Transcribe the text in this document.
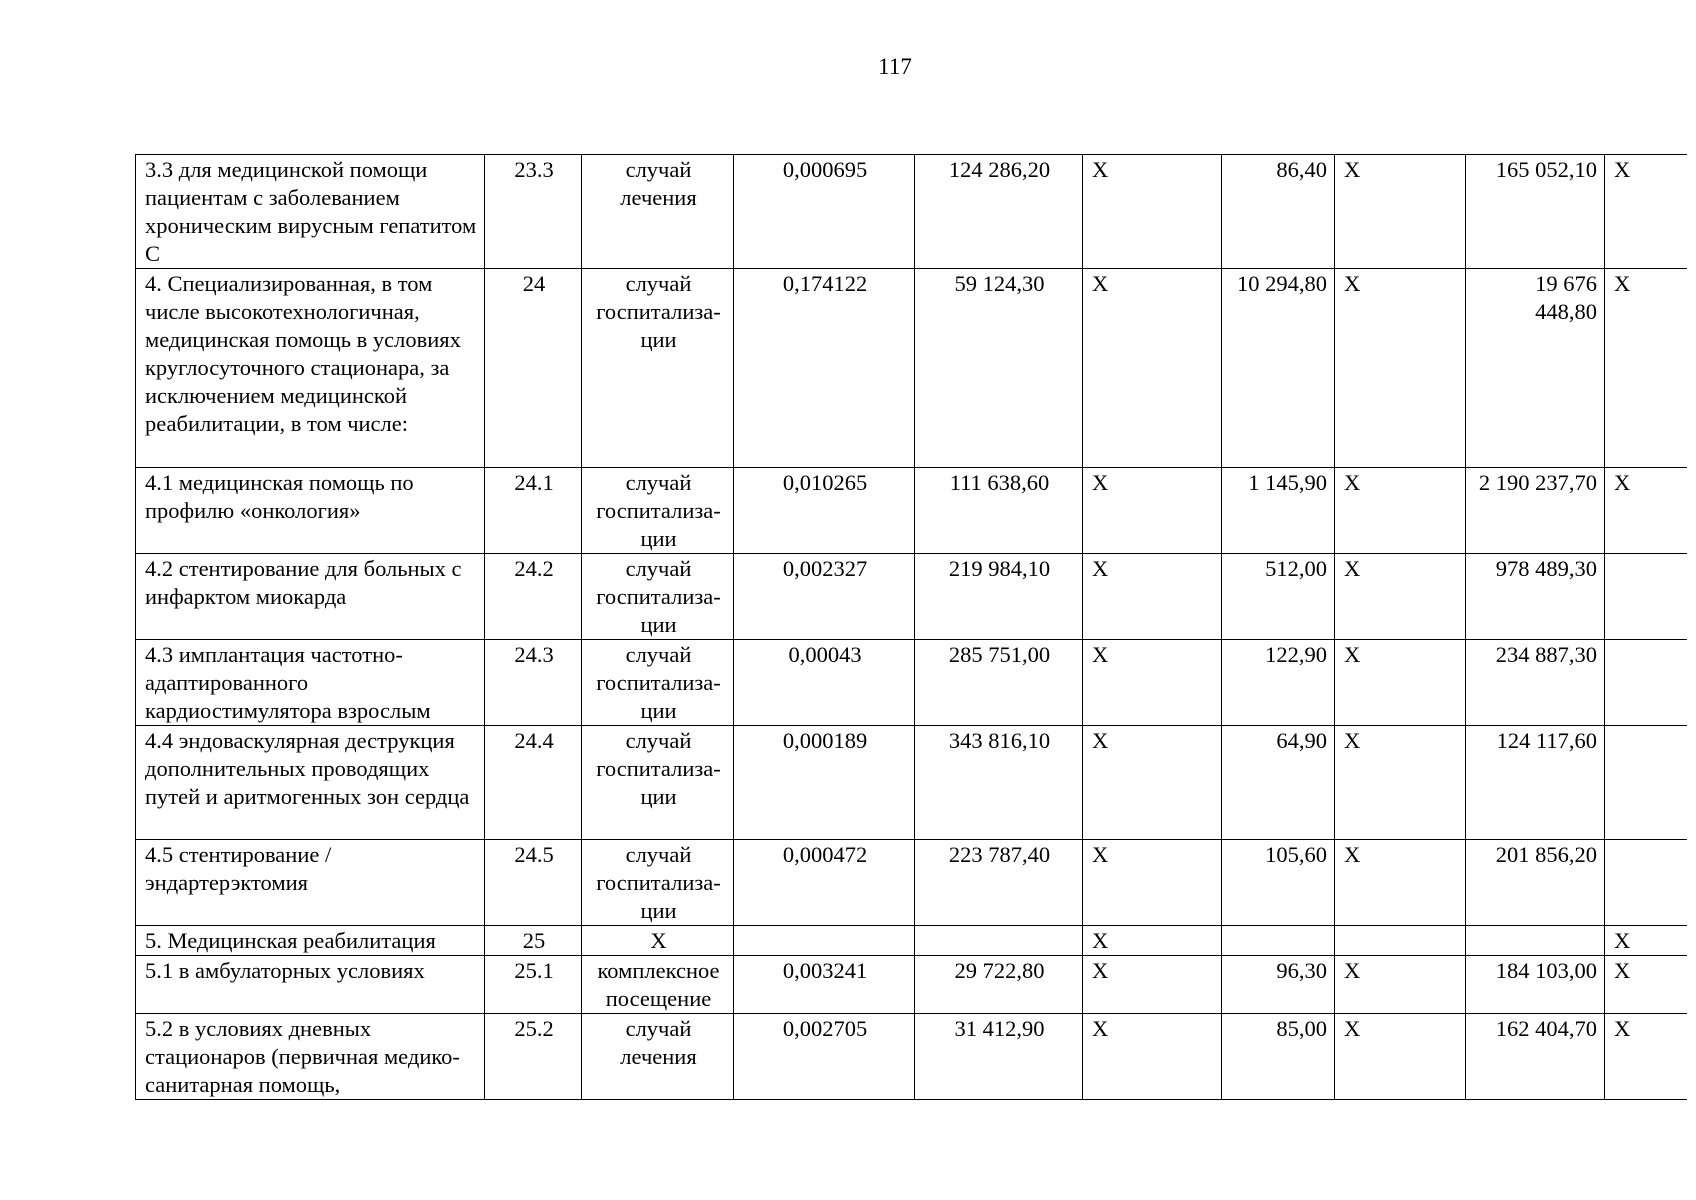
117
3.3 для медицинской помощи пациентам с заболеванием хроническим вирусным гепатитом С	23.3	случай лечения	0,000695	124 286,20	X	86,40	X	165 052,10	X
4. Специализированная, в том числе высокотехнологичная, медицинская помощь в условиях круглосуточного стационара, за исключением медицинской реабилитации, в том числе:	24	случай госпитализа-ции	0,174122	59 124,30	X	10 294,80	X	19 676 448,80	X
4.1 медицинская помощь по профилю «онкология»	24.1	случай госпитализа-ции	0,010265	111 638,60	X	1 145,90	X	2 190 237,70	X
4.2 стентирование для больных с инфарктом миокарда	24.2	случай госпитализа-ции	0,002327	219 984,10	X	512,00	X	978 489,30	
4.3 имплантация частотно-адаптированного кардиостимулятора взрослым	24.3	случай госпитализа-ции	0,00043	285 751,00	X	122,90	X	234 887,30	
4.4 эндоваскулярная деструкция дополнительных проводящих путей и аритмогенных зон сердца	24.4	случай госпитализа-ции	0,000189	343 816,10	X	64,90	X	124 117,60	
4.5 стентирование / эндартерэктомия	24.5	случай госпитализа-ции	0,000472	223 787,40	X	105,60	X	201 856,20	
5. Медицинская реабилитация	25	X			X				X
5.1 в амбулаторных условиях	25.1	комплексное посещение	0,003241	29 722,80	X	96,30	X	184 103,00	X
5.2 в условиях дневных стационаров (первичная медико-санитарная помощь,	25.2	случай лечения	0,002705	31 412,90	X	85,00	X	162 404,70	X
